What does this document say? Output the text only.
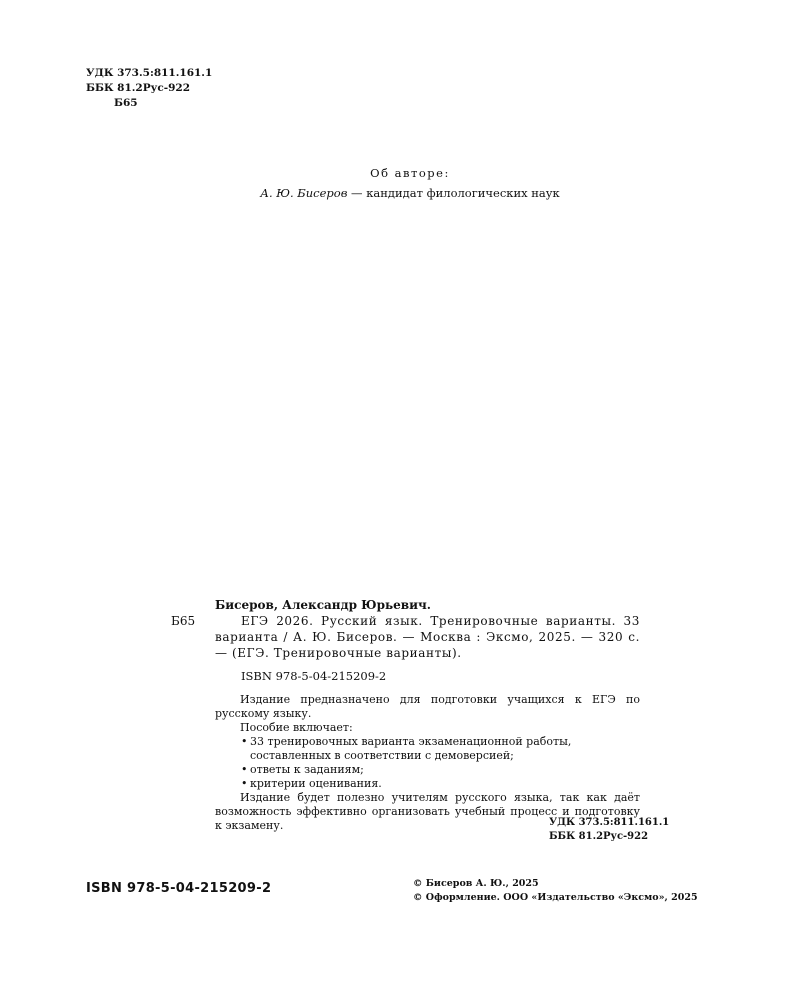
УДК 373.5:811.161.1
ББК 81.2Рус-922
Б65
Об авторе:
А. Ю. Бисеров — кандидат филологических наук
Б65
Бисеров, Александр Юрьевич.
ЕГЭ 2026. Русский язык. Тренировочные варианты. 33 варианта / А. Ю. Бисеров. — Москва : Эксмо, 2025. — 320 с. — (ЕГЭ. Тренировочные варианты).
ISBN 978-5-04-215209-2

Издание предназначено для подготовки учащихся к ЕГЭ по русскому языку.

Пособие включает:

• 33 тренировочных варианта экзаменационной работы, составленных в соответствии с демоверсией;
• ответы к заданиям;
• критерии оценивания.

Издание будет полезно учителям русского языка, так как даёт возможность эффективно организовать учебный процесс и подготовку к экзамену.	УДК 373.5:811.161.1
ББК 81.2Рус-922
ISBN 978-5-04-215209-2	© Бисеров А. Ю., 2025
© Оформление. ООО «Издательство «Эксмо», 2025
